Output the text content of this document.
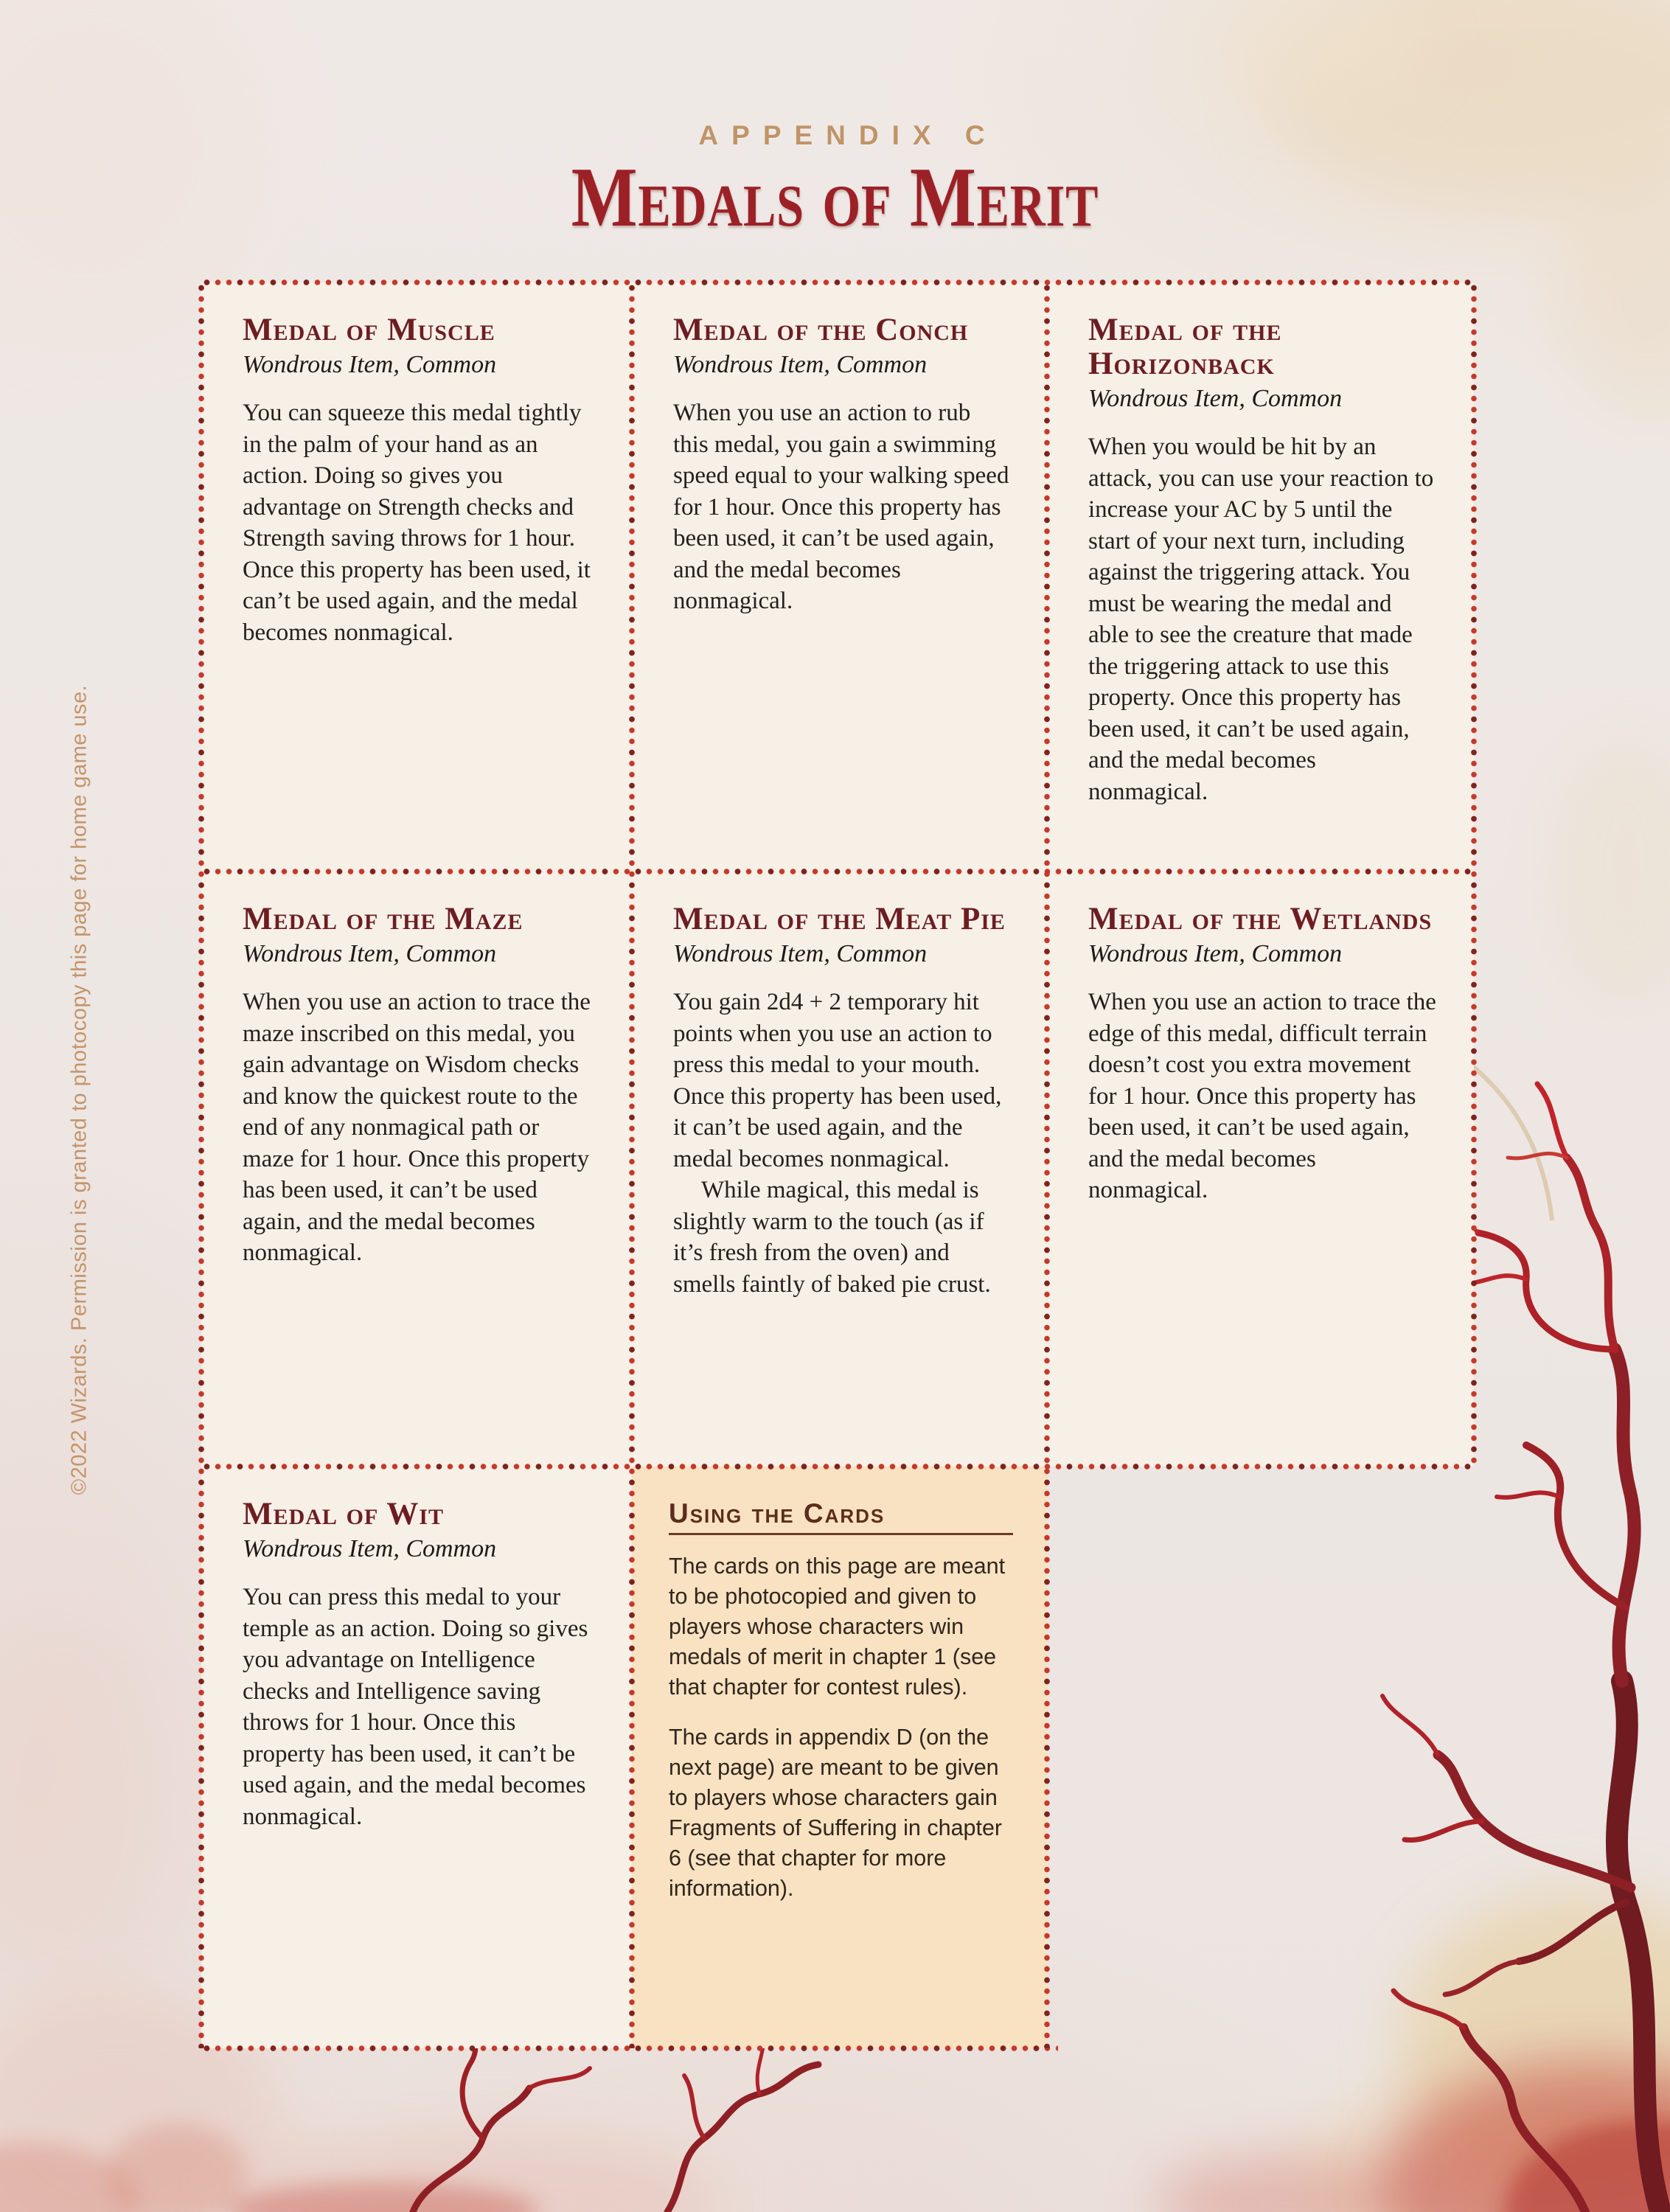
APPENDIX C
Medals of Merit
©2022 Wizards. Permission is granted to photocopy this page for home game use.
Medal of Muscle

Wondrous Item, Common

You can squeeze this medal tightly in the palm of your hand as an action. Doing so gives you advantage on Strength checks and Strength saving throws for 1 hour. Once this property has been used, it can’t be used again, and the medal becomes nonmagical.

Medal of the Conch

Wondrous Item, Common

When you use an action to rub this medal, you gain a swimming speed equal to your walking speed for 1 hour. Once this property has been used, it can’t be used again, and the medal becomes nonmagical.

Medal of the Horizonback

Wondrous Item, Common

When you would be hit by an attack, you can use your reaction to increase your AC by 5 until the start of your next turn, including against the triggering attack. You must be wearing the medal and able to see the creature that made the triggering attack to use this property. Once this property has been used, it can’t be used again, and the medal becomes nonmagical.

Medal of the Maze

Wondrous Item, Common

When you use an action to trace the maze inscribed on this medal, you gain advantage on Wisdom checks and know the quickest route to the end of any nonmagical path or maze for 1 hour. Once this property has been used, it can’t be used again, and the medal becomes nonmagical.

Medal of the Meat Pie

Wondrous Item, Common

You gain 2d4 + 2 temporary hit points when you use an action to press this medal to your mouth. Once this property has been used, it can’t be used again, and the medal becomes nonmagical.

While magical, this medal is slightly warm to the touch (as if it’s fresh from the oven) and smells faintly of baked pie crust.

Medal of the Wetlands

Wondrous Item, Common

When you use an action to trace the edge of this medal, difficult terrain doesn’t cost you extra movement for 1 hour. Once this property has been used, it can’t be used again, and the medal becomes nonmagical.

Medal of Wit

Wondrous Item, Common

You can press this medal to your temple as an action. Doing so gives you advantage on Intelligence checks and Intelligence saving throws for 1 hour. Once this property has been used, it can’t be used again, and the medal becomes nonmagical.

Using the Cards

The cards on this page are meant to be photocopied and given to players whose characters win medals of merit in chapter 1 (see that chapter for contest rules).

The cards in appendix D (on the next page) are meant to be given to players whose characters gain Fragments of Suffering in chapter 6 (see that chapter for more information).
